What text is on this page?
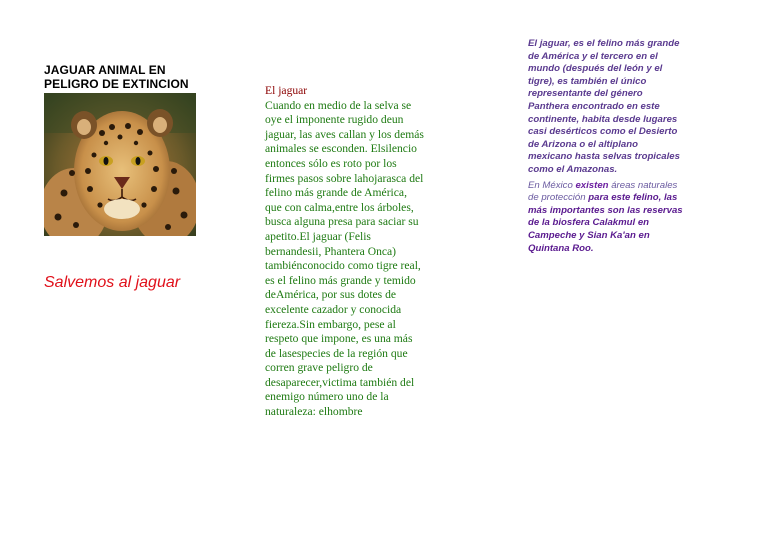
JAGUAR ANIMAL EN PELIGRO DE EXTINCION

Salvemos al jaguar

El jaguar
Cuando en medio de la selva se oye el imponente rugido deun jaguar, las aves callan y los demás animales se esconden. Elsilencio entonces sólo es roto por los firmes pasos sobre lahojarasca del felino más grande de América, que con calma,entre los árboles, busca alguna presa para saciar su apetito.El jaguar (Felis bernandesii, Phantera Onca) tambiénconocido como tigre real, es el felino más grande y temido deAmérica, por sus dotes de excelente cazador y conocida fiereza.Sin embargo, pese al respeto que impone, es una más de lasespecies de la región que corren grave peligro de desaparecer,victima también del enemigo número uno de la naturaleza: elhombre

El jaguar, es el felino más grande de América y el tercero en el mundo (después del león y el tigre), es también el único representante del género Panthera encontrado en este continente, habita desde lugares casi desérticos como el Desierto de Arizona o el altiplano mexicano hasta selvas tropicales como el Amazonas.

En México existen áreas naturales de protección para este felino, las más importantes son las reservas de la biosfera Calakmul en Campeche y Sian Ka'an en Quintana Roo.
